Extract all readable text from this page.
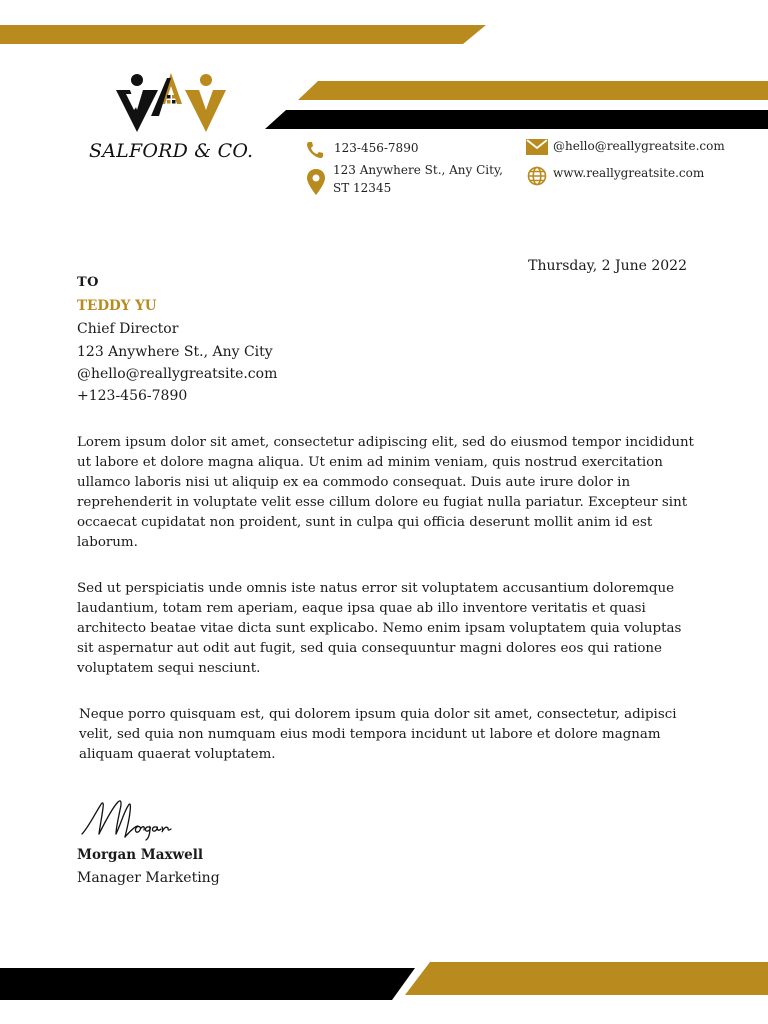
SALFORD & CO.	123-456-7890
123 Anywhere St., Any City,
ST 12345
@hello@reallygreatsite.com
www.reallygreatsite.com
Thursday, 2 June 2022
TO
TEDDY YU
Chief Director
123 Anywhere St., Any City
@hello@reallygreatsite.com
+123-456-7890
Lorem ipsum dolor sit amet, consectetur adipiscing elit, sed do eiusmod tempor incididunt ut labore et dolore magna aliqua. Ut enim ad minim veniam, quis nostrud exercitation ullamco laboris nisi ut aliquip ex ea commodo consequat. Duis aute irure dolor in reprehenderit in voluptate velit esse cillum dolore eu fugiat nulla pariatur. Excepteur sint occaecat cupidatat non proident, sunt in culpa qui officia deserunt mollit anim id est laborum.
Sed ut perspiciatis unde omnis iste natus error sit voluptatem accusantium doloremque laudantium, totam rem aperiam, eaque ipsa quae ab illo inventore veritatis et quasi architecto beatae vitae dicta sunt explicabo. Nemo enim ipsam voluptatem quia voluptas sit aspernatur aut odit aut fugit, sed quia consequuntur magni dolores eos qui ratione voluptatem sequi nesciunt.
Neque porro quisquam est, qui dolorem ipsum quia dolor sit amet, consectetur, adipisci velit, sed quia non numquam eius modi tempora incidunt ut labore et dolore magnam aliquam quaerat voluptatem.
Morgan Maxwell
Manager Marketing
